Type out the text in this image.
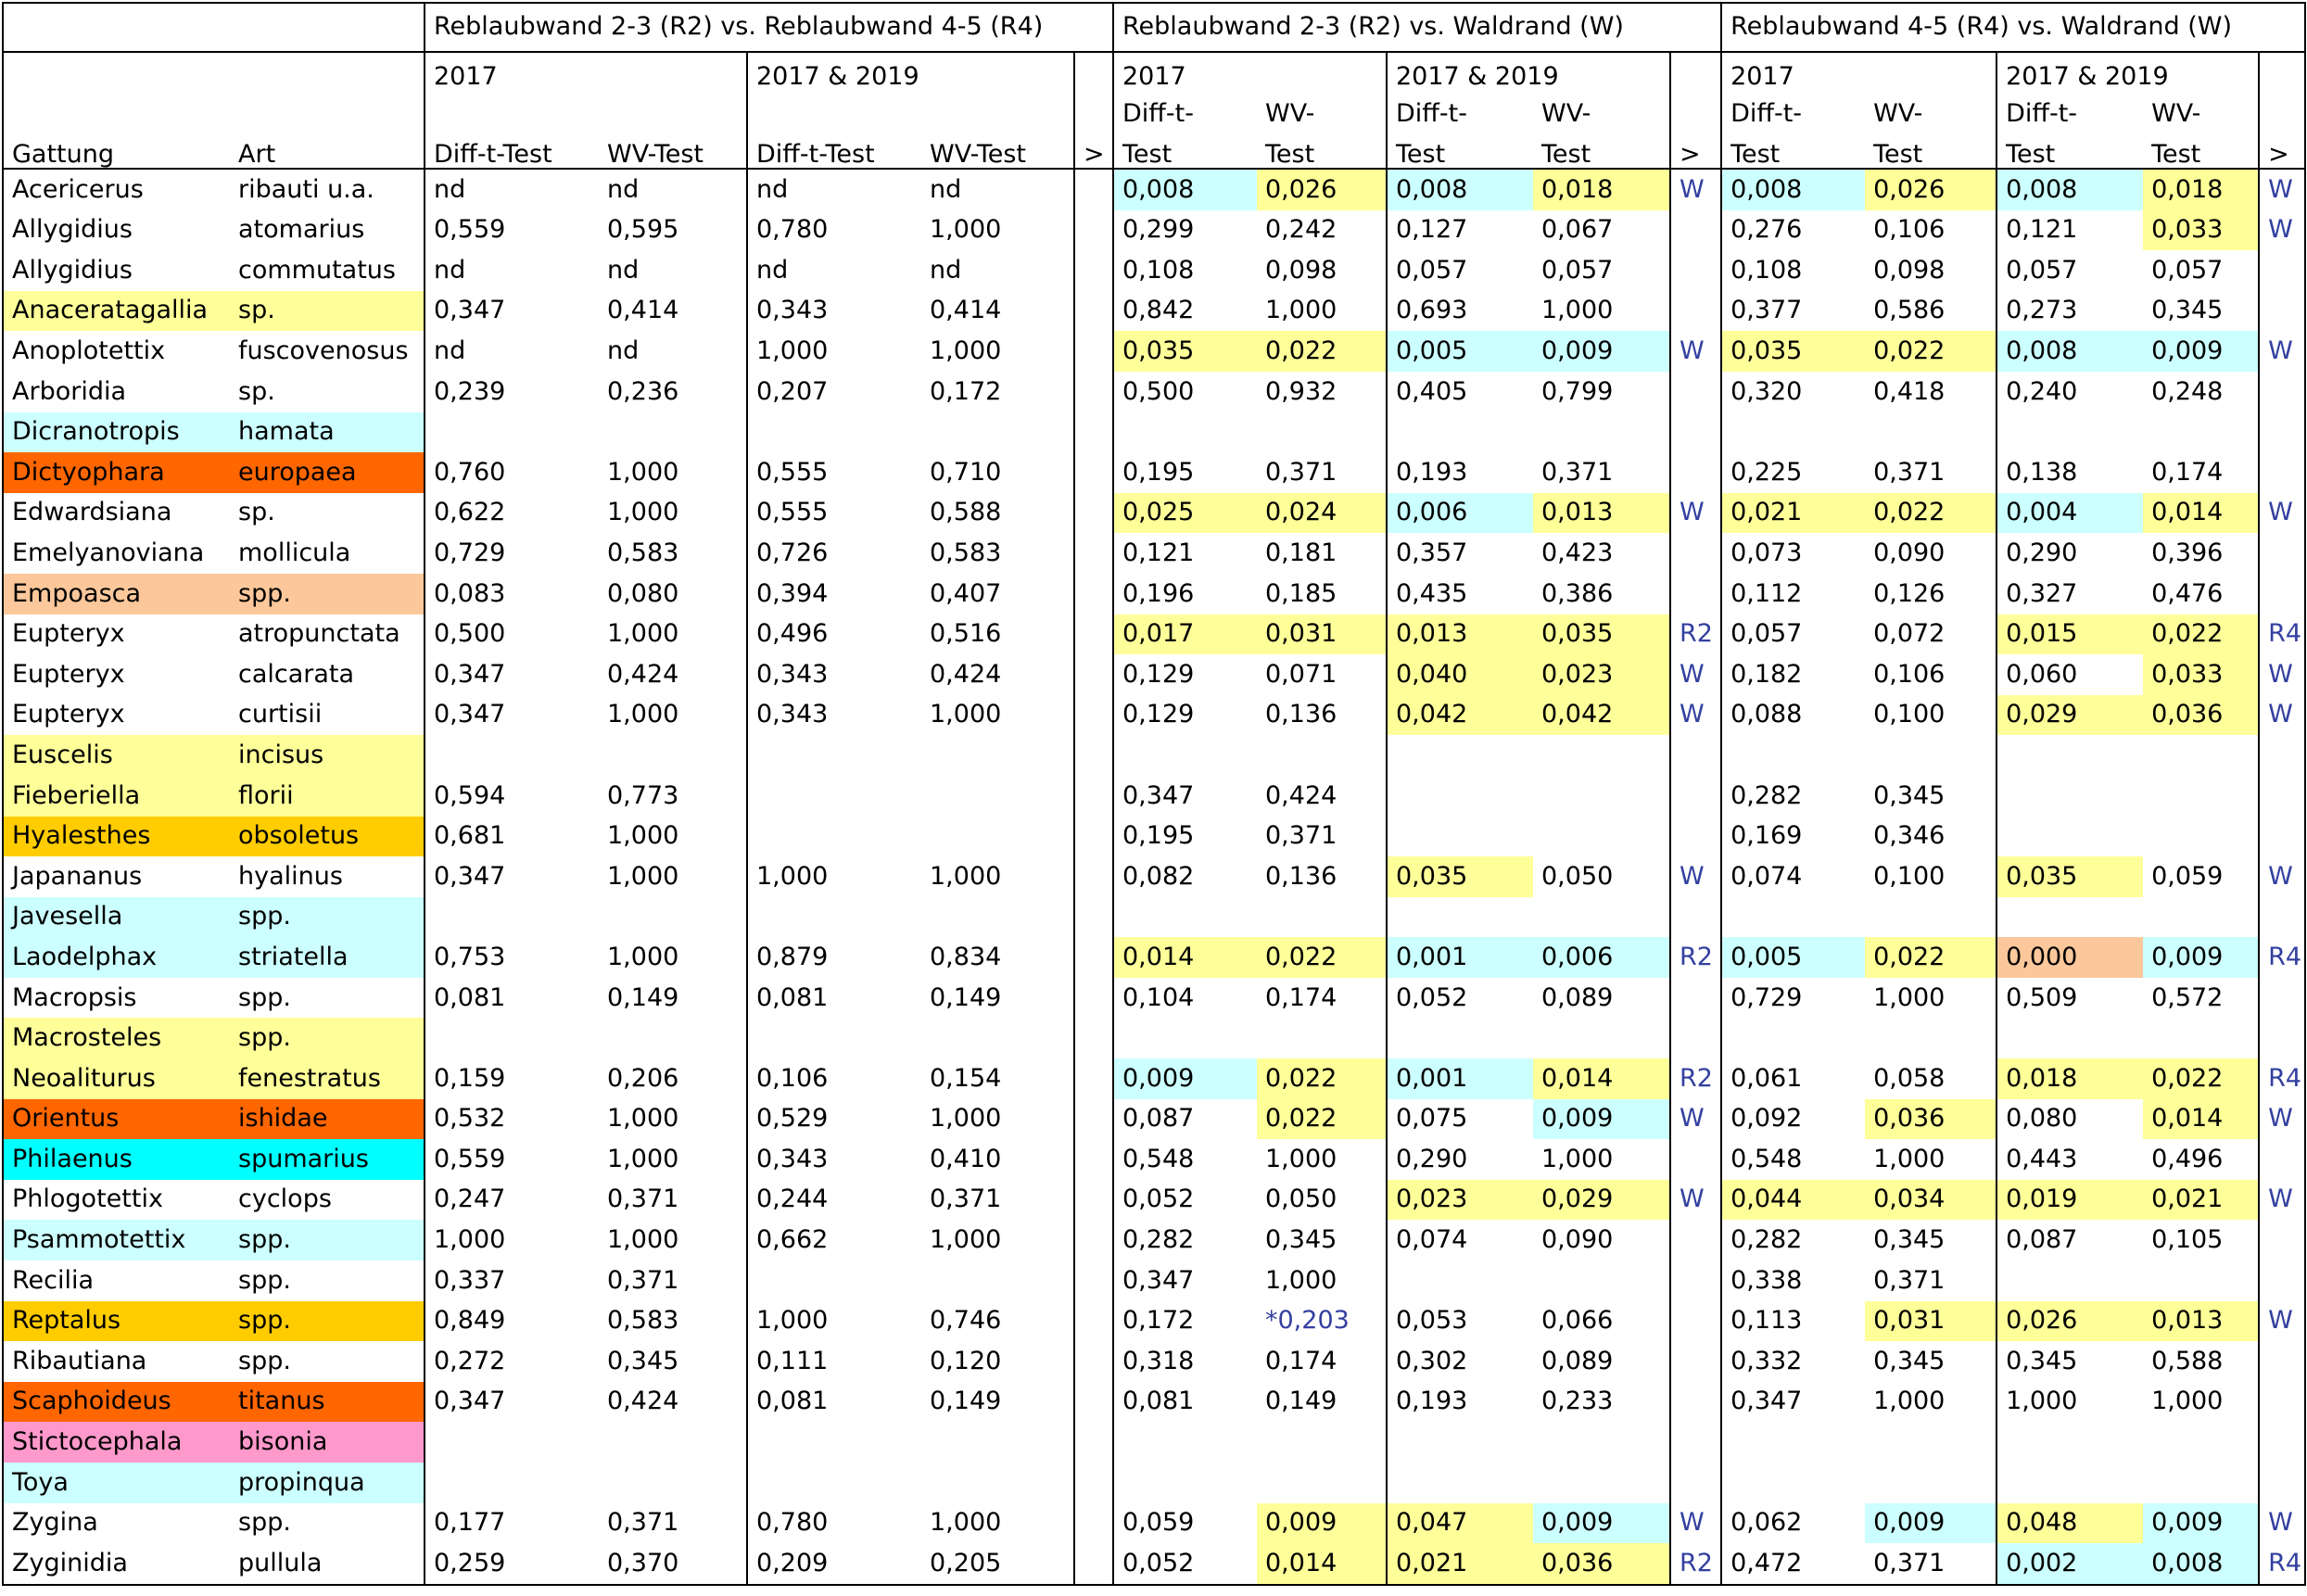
		Reblaubwand 2-3 (R2) vs. Reblaubwand 4-5 (R4)					Reblaubwand 2-3 (R2) vs. Waldrand (W)					Reblaubwand 4-5 (R4) vs. Waldrand (W)				
		2017		2017 & 2019			2017		2017 & 2019			2017		2017 & 2019		
							Diff-t-	WV-	Diff-t-	WV-		Diff-t-	WV-	Diff-t-	WV-	
Gattung	Art	Diff-t-Test	WV-Test	Diff-t-Test	WV-Test	>	Test	Test	Test	Test	>	Test	Test	Test	Test	>
Acericerus	ribauti u.a.	nd	nd	nd	nd		0,008	0,026	0,008	0,018	W	0,008	0,026	0,008	0,018	W
Allygidius	atomarius	0,559	0,595	0,780	1,000		0,299	0,242	0,127	0,067		0,276	0,106	0,121	0,033	W
Allygidius	commutatus	nd	nd	nd	nd		0,108	0,098	0,057	0,057		0,108	0,098	0,057	0,057	
Anaceratagallia	sp.	0,347	0,414	0,343	0,414		0,842	1,000	0,693	1,000		0,377	0,586	0,273	0,345	
Anoplotettix	fuscovenosus	nd	nd	1,000	1,000		0,035	0,022	0,005	0,009	W	0,035	0,022	0,008	0,009	W
Arboridia	sp.	0,239	0,236	0,207	0,172		0,500	0,932	0,405	0,799		0,320	0,418	0,240	0,248	
Dicranotropis	hamata															
Dictyophara	europaea	0,760	1,000	0,555	0,710		0,195	0,371	0,193	0,371		0,225	0,371	0,138	0,174	
Edwardsiana	sp.	0,622	1,000	0,555	0,588		0,025	0,024	0,006	0,013	W	0,021	0,022	0,004	0,014	W
Emelyanoviana	mollicula	0,729	0,583	0,726	0,583		0,121	0,181	0,357	0,423		0,073	0,090	0,290	0,396	
Empoasca	spp.	0,083	0,080	0,394	0,407		0,196	0,185	0,435	0,386		0,112	0,126	0,327	0,476	
Eupteryx	atropunctata	0,500	1,000	0,496	0,516		0,017	0,031	0,013	0,035	R2	0,057	0,072	0,015	0,022	R4
Eupteryx	calcarata	0,347	0,424	0,343	0,424		0,129	0,071	0,040	0,023	W	0,182	0,106	0,060	0,033	W
Eupteryx	curtisii	0,347	1,000	0,343	1,000		0,129	0,136	0,042	0,042	W	0,088	0,100	0,029	0,036	W
Euscelis	incisus															
Fieberiella	florii	0,594	0,773				0,347	0,424				0,282	0,345			
Hyalesthes	obsoletus	0,681	1,000				0,195	0,371				0,169	0,346			
Japananus	hyalinus	0,347	1,000	1,000	1,000		0,082	0,136	0,035	0,050	W	0,074	0,100	0,035	0,059	W
Javesella	spp.															
Laodelphax	striatella	0,753	1,000	0,879	0,834		0,014	0,022	0,001	0,006	R2	0,005	0,022	0,000	0,009	R4
Macropsis	spp.	0,081	0,149	0,081	0,149		0,104	0,174	0,052	0,089		0,729	1,000	0,509	0,572	
Macrosteles	spp.															
Neoaliturus	fenestratus	0,159	0,206	0,106	0,154		0,009	0,022	0,001	0,014	R2	0,061	0,058	0,018	0,022	R4
Orientus	ishidae	0,532	1,000	0,529	1,000		0,087	0,022	0,075	0,009	W	0,092	0,036	0,080	0,014	W
Philaenus	spumarius	0,559	1,000	0,343	0,410		0,548	1,000	0,290	1,000		0,548	1,000	0,443	0,496	
Phlogotettix	cyclops	0,247	0,371	0,244	0,371		0,052	0,050	0,023	0,029	W	0,044	0,034	0,019	0,021	W
Psammotettix	spp.	1,000	1,000	0,662	1,000		0,282	0,345	0,074	0,090		0,282	0,345	0,087	0,105	
Recilia	spp.	0,337	0,371				0,347	1,000				0,338	0,371			
Reptalus	spp.	0,849	0,583	1,000	0,746		0,172	*0,203	0,053	0,066		0,113	0,031	0,026	0,013	W
Ribautiana	spp.	0,272	0,345	0,111	0,120		0,318	0,174	0,302	0,089		0,332	0,345	0,345	0,588	
Scaphoideus	titanus	0,347	0,424	0,081	0,149		0,081	0,149	0,193	0,233		0,347	1,000	1,000	1,000	
Stictocephala	bisonia															
Toya	propinqua															
Zygina	spp.	0,177	0,371	0,780	1,000		0,059	0,009	0,047	0,009	W	0,062	0,009	0,048	0,009	W
Zyginidia	pullula	0,259	0,370	0,209	0,205		0,052	0,014	0,021	0,036	R2	0,472	0,371	0,002	0,008	R4
